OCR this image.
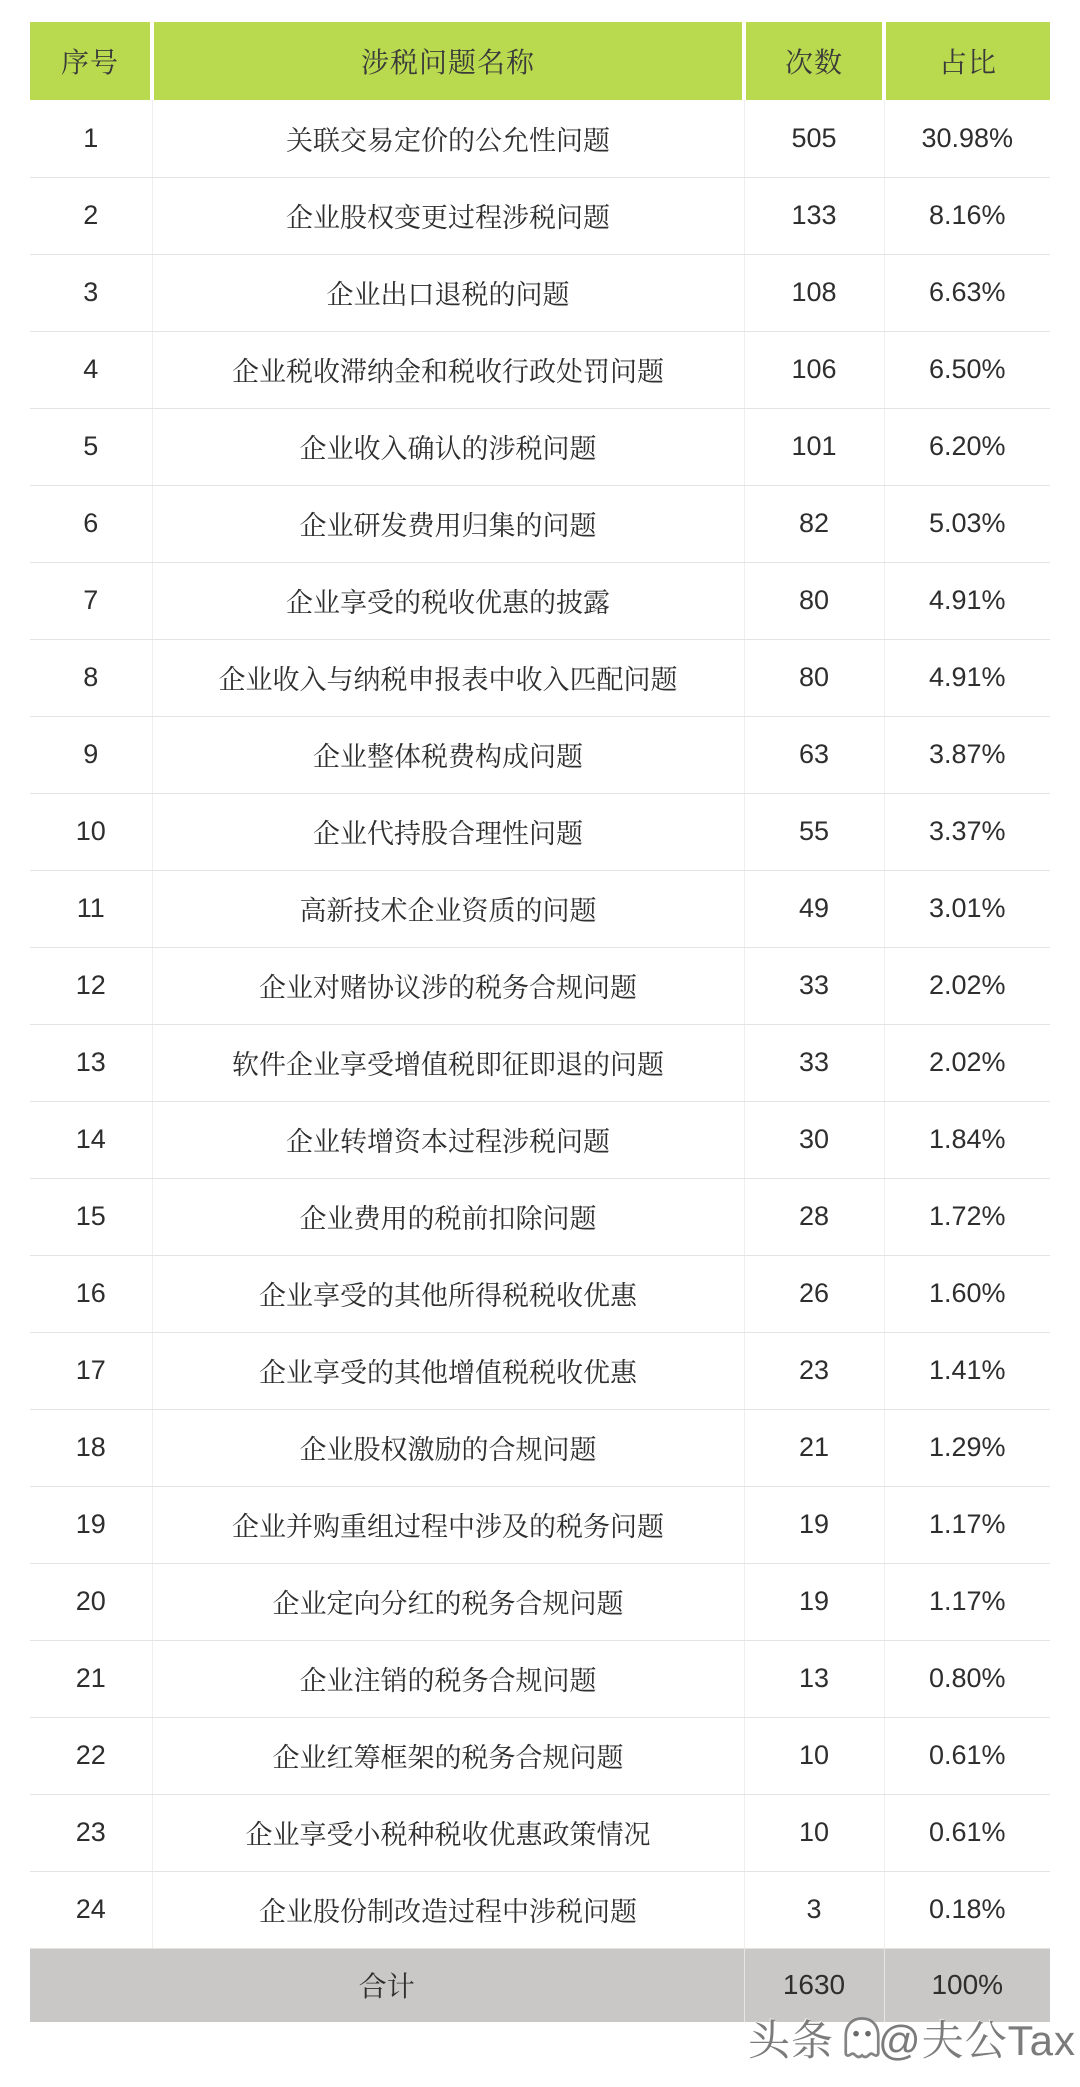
序号	涉税问题名称	次数	占比
1	关联交易定价的公允性问题	505	30.98%
2	企业股权变更过程涉税问题	133	8.16%
3	企业出口退税的问题	108	6.63%
4	企业税收滞纳金和税收行政处罚问题	106	6.50%
5	企业收入确认的涉税问题	101	6.20%
6	企业研发费用归集的问题	82	5.03%
7	企业享受的税收优惠的披露	80	4.91%
8	企业收入与纳税申报表中收入匹配问题	80	4.91%
9	企业整体税费构成问题	63	3.87%
10	企业代持股合理性问题	55	3.37%
11	高新技术企业资质的问题	49	3.01%
12	企业对赌协议涉的税务合规问题	33	2.02%
13	软件企业享受增值税即征即退的问题	33	2.02%
14	企业转增资本过程涉税问题	30	1.84%
15	企业费用的税前扣除问题	28	1.72%
16	企业享受的其他所得税税收优惠	26	1.60%
17	企业享受的其他增值税税收优惠	23	1.41%
18	企业股权激励的合规问题	21	1.29%
19	企业并购重组过程中涉及的税务问题	19	1.17%
20	企业定向分红的税务合规问题	19	1.17%
21	企业注销的税务合规问题	13	0.80%
22	企业红筹框架的税务合规问题	10	0.61%
23	企业享受小税种税收优惠政策情况	10	0.61%
24	企业股份制改造过程中涉税问题	3	0.18%
合计		1630	100%
头条 @夫公Tax
